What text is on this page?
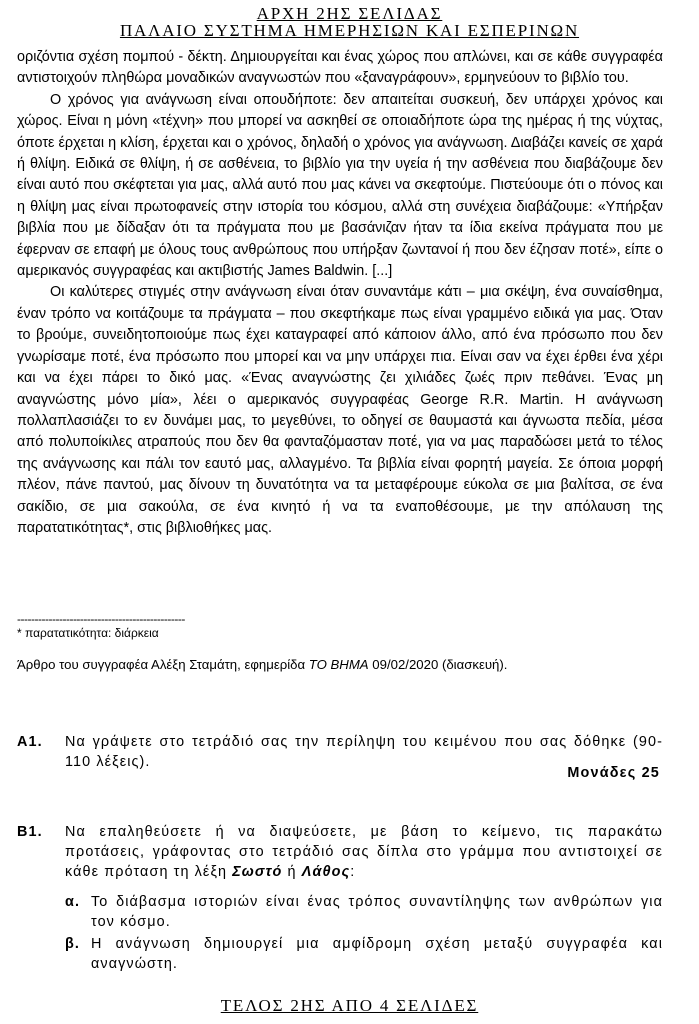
ΑΡΧΗ 2ΗΣ ΣΕΛΙΔΑΣ
ΠΑΛΑΙΟ ΣΥΣΤΗΜΑ ΗΜΕΡΗΣΙΩΝ ΚΑΙ ΕΣΠΕΡΙΝΩΝ

οριζόντια σχέση πομπού - δέκτη. Δημιουργείται και ένας χώρος που απλώνει, και σε κάθε συγγραφέα αντιστοιχούν πληθώρα μοναδικών αναγνωστών που «ξαναγράφουν», ερμηνεύουν το βιβλίο του.

Ο χρόνος για ανάγνωση είναι οπουδήποτε: δεν απαιτείται συσκευή, δεν υπάρχει χρόνος και χώρος. Είναι η μόνη «τέχνη» που μπορεί να ασκηθεί σε οποιαδήποτε ώρα της ημέρας ή της νύχτας, όποτε έρχεται η κλίση, έρχεται και ο χρόνος, δηλαδή ο χρόνος για ανάγνωση. Διαβάζει κανείς σε χαρά ή θλίψη. Ειδικά σε θλίψη, ή σε ασθένεια, το βιβλίο για την υγεία ή την ασθένεια που διαβάζουμε δεν είναι αυτό που σκέφτεται για μας, αλλά αυτό που μας κάνει να σκεφτούμε. Πιστεύουμε ότι ο πόνος και η θλίψη μας είναι πρωτοφανείς στην ιστορία του κόσμου, αλλά στη συνέχεια διαβάζουμε: «Υπήρξαν βιβλία που με δίδαξαν ότι τα πράγματα που με βασάνιζαν ήταν τα ίδια εκείνα πράγματα που με έφερναν σε επαφή με όλους τους ανθρώπους που υπήρξαν ζωντανοί ή που δεν έζησαν ποτέ», είπε ο αμερικανός συγγραφέας και ακτιβιστής James Baldwin. [...]

Οι καλύτερες στιγμές στην ανάγνωση είναι όταν συναντάμε κάτι – μια σκέψη, ένα συναίσθημα, έναν τρόπο να κοιτάζουμε τα πράγματα – που σκεφτήκαμε πως είναι γραμμένο ειδικά για μας. Όταν το βρούμε, συνειδητοποιούμε πως έχει καταγραφεί από κάποιον άλλο, από ένα πρόσωπο που δεν γνωρίσαμε ποτέ, ένα πρόσωπο που μπορεί και να μην υπάρχει πια. Είναι σαν να έχει έρθει ένα χέρι και να έχει πάρει το δικό μας. «Ένας αναγνώστης ζει χιλιάδες ζωές πριν πεθάνει. Ένας μη αναγνώστης μόνο μία», λέει ο αμερικανός συγγραφέας George R.R. Martin. Η ανάγνωση πολλαπλασιάζει το εν δυνάμει μας, το μεγεθύνει, το οδηγεί σε θαυμαστά και άγνωστα πεδία, μέσα από πολυποίκιλες ατραπούς που δεν θα φανταζόμασταν ποτέ, για να μας παραδώσει μετά το τέλος της ανάγνωσης και πάλι τον εαυτό μας, αλλαγμένο. Τα βιβλία είναι φορητή μαγεία. Σε όποια μορφή πλέον, πάνε παντού, μας δίνουν τη δυνατότητα να τα μεταφέρουμε εύκολα σε μια βαλίτσα, σε ένα σακίδιο, σε μια σακούλα, σε ένα κινητό ή να τα εναποθέσουμε, με την απόλαυση της παρατατικότητας*, στις βιβλιοθήκες μας.

------------------------------------------------
* παρατατικότητα: διάρκεια
Άρθρο του συγγραφέα Αλέξη Σταμάτη, εφημερίδα ΤΟ ΒΗΜΑ 09/02/2020 (διασκευή).
Α1. Να γράψετε στο τετράδιό σας την περίληψη του κειμένου που σας δόθηκε (90-110 λέξεις).
Μονάδες 25
Β1. Να επαληθεύσετε ή να διαψεύσετε, με βάση το κείμενο, τις παρακάτω προτάσεις, γράφοντας στο τετράδιό σας δίπλα στο γράμμα που αντιστοιχεί σε κάθε πρόταση τη λέξη Σωστό ή Λάθος:
α. Το διάβασμα ιστοριών είναι ένας τρόπος συναντίληψης των ανθρώπων για τον κόσμο.
β. Η ανάγνωση δημιουργεί μια αμφίδρομη σχέση μεταξύ συγγραφέα και αναγνώστη.
ΤΕΛΟΣ 2ΗΣ ΑΠΟ 4 ΣΕΛΙΔΕΣ
